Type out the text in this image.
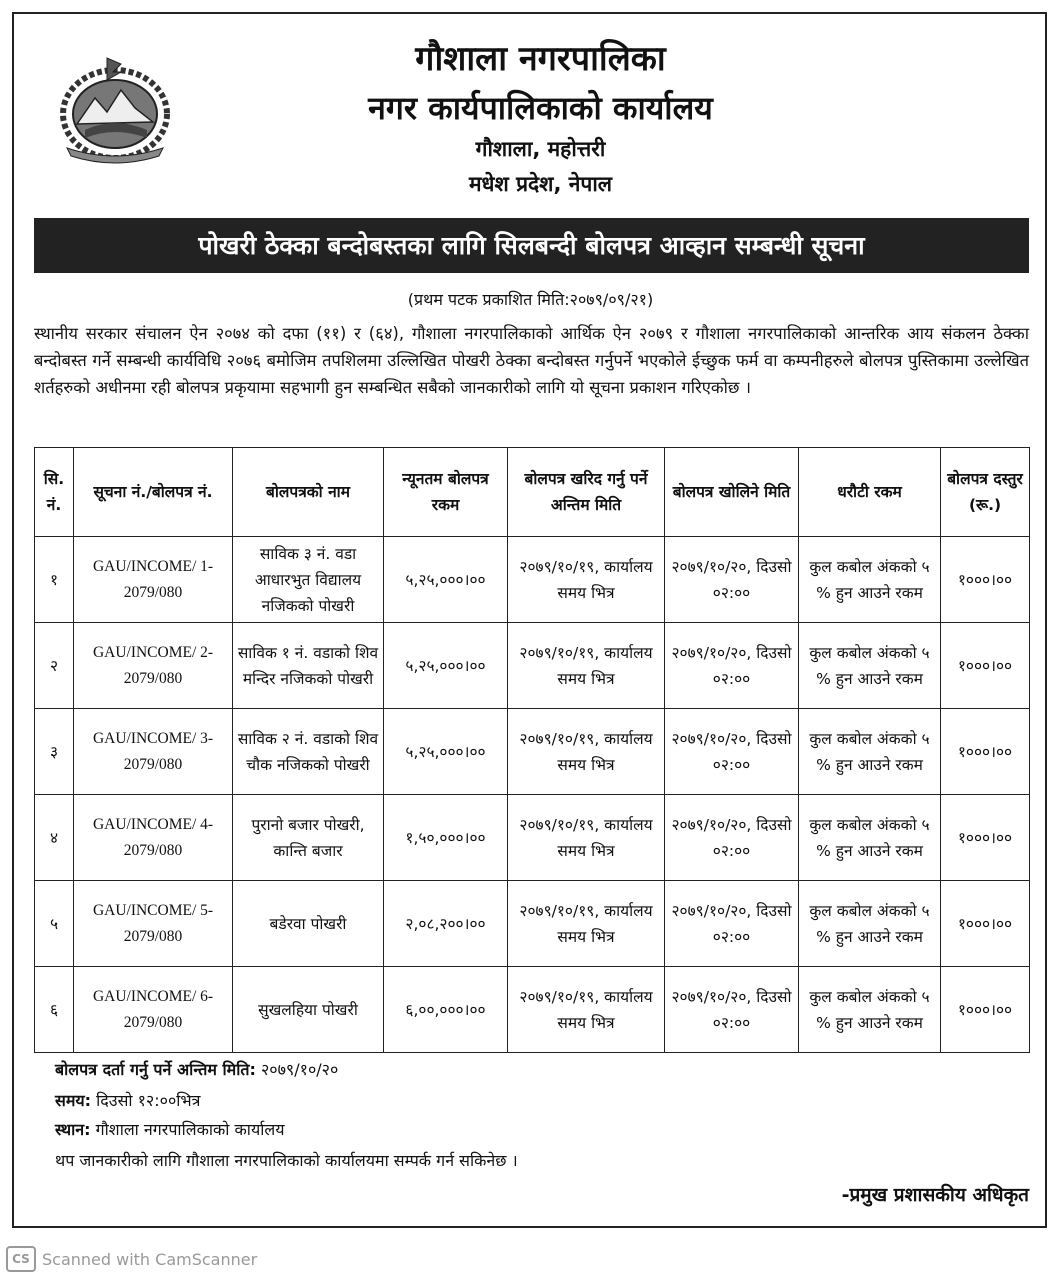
गौशाला नगरपालिका
नगर कार्यपालिकाको कार्यालय
गौशाला, महोत्तरी
मधेश प्रदेश, नेपाल
पोखरी ठेक्का बन्दोबस्तका लागि सिलबन्दी बोलपत्र आव्हान सम्बन्धी सूचना
(प्रथम पटक प्रकाशित मिति:२०७९/०९/२१)
स्थानीय सरकार संचालन ऐन २०७४ को दफा (११) र (६४), गौशाला नगरपालिकाको आर्थिक ऐन २०७९ र गौशाला नगरपालिकाको आन्तरिक आय संकलन ठेक्का बन्दोबस्त गर्ने सम्बन्धी कार्यविधि २०७६ बमोजिम तपशिलमा उल्लिखित पोखरी ठेक्का बन्दोबस्त गर्नुपर्ने भएकोले ईच्छुक फर्म वा कम्पनीहरुले बोलपत्र पुस्तिकामा उल्लेखित शर्तहरुको अधीनमा रही बोलपत्र प्रकृयामा सहभागी हुन सम्बन्धित सबैको जानकारीको लागि यो सूचना प्रकाशन गरिएकोछ ।
सि. नं.	सूचना नं./बोलपत्र नं.	बोलपत्रको नाम	न्यूनतम बोलपत्र रकम	बोलपत्र खरिद गर्नु पर्ने अन्तिम मिति	बोलपत्र खोलिने मिति	धरौटी रकम	बोलपत्र दस्तुर (रू.)
१	GAU/INCOME/ 1-2079/080	साविक ३ नं. वडा आधारभुत विद्यालय नजिकको पोखरी	५,२५,०००।००	२०७९/१०/१९, कार्यालय समय भित्र	२०७९/१०/२०, दिउसो ०२:००	कुल कबोल अंकको ५ % हुन आउने रकम	१०००।००
२	GAU/INCOME/ 2-2079/080	साविक १ नं. वडाको शिव मन्दिर नजिकको पोखरी	५,२५,०००।००	२०७९/१०/१९, कार्यालय समय भित्र	२०७९/१०/२०, दिउसो ०२:००	कुल कबोल अंकको ५ % हुन आउने रकम	१०००।००
३	GAU/INCOME/ 3-2079/080	साविक २ नं. वडाको शिव चौक नजिकको पोखरी	५,२५,०००।००	२०७९/१०/१९, कार्यालय समय भित्र	२०७९/१०/२०, दिउसो ०२:००	कुल कबोल अंकको ५ % हुन आउने रकम	१०००।००
४	GAU/INCOME/ 4-2079/080	पुरानो बजार पोखरी, कान्ति बजार	१,५०,०००।००	२०७९/१०/१९, कार्यालय समय भित्र	२०७९/१०/२०, दिउसो ०२:००	कुल कबोल अंकको ५ % हुन आउने रकम	१०००।००
५	GAU/INCOME/ 5-2079/080	बडेरवा पोखरी	२,०८,२००।००	२०७९/१०/१९, कार्यालय समय भित्र	२०७९/१०/२०, दिउसो ०२:००	कुल कबोल अंकको ५ % हुन आउने रकम	१०००।००
६	GAU/INCOME/ 6-2079/080	सुखलहिया पोखरी	६,००,०००।००	२०७९/१०/१९, कार्यालय समय भित्र	२०७९/१०/२०, दिउसो ०२:००	कुल कबोल अंकको ५ % हुन आउने रकम	१०००।००
बोलपत्र दर्ता गर्नु पर्ने अन्तिम मिति: २०७९/१०/२०
समय: दिउसो १२:००भित्र
स्थान: गौशाला नगरपालिकाको कार्यालय
थप जानकारीको लागि गौशाला नगरपालिकाको कार्यालयमा सम्पर्क गर्न सकिनेछ ।
-प्रमुख प्रशासकीय अधिकृत
CS Scanned with CamScanner
